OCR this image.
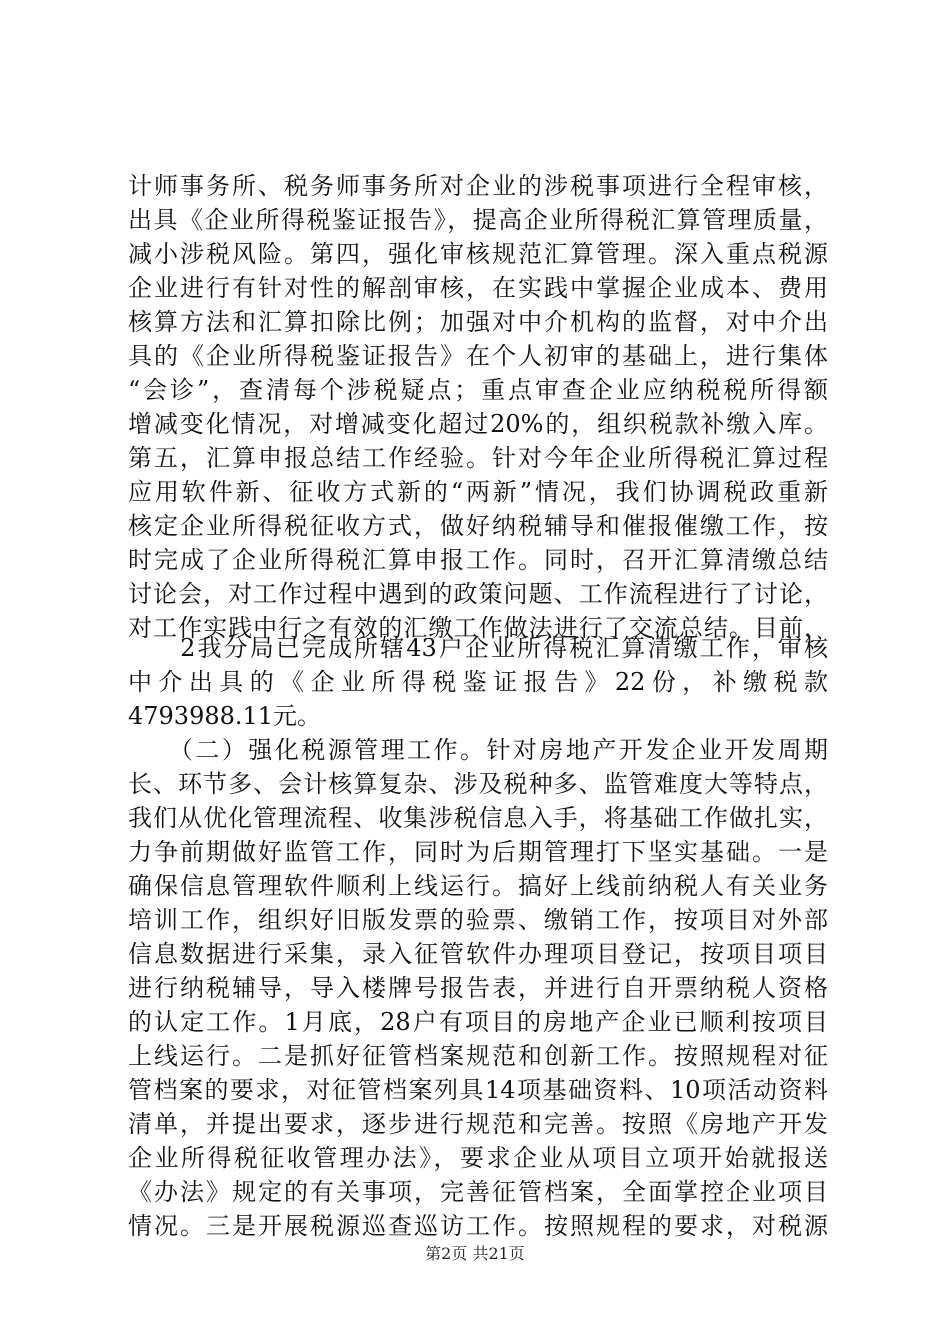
计师事务所、税务师事务所对企业的涉税事项进行全程审核，
出具《企业所得税鉴证报告》，提高企业所得税汇算管理质量，
减小涉税风险。第四，强化审核规范汇算管理。深入重点税源
企业进行有针对性的解剖审核，在实践中掌握企业成本、费用
核算方法和汇算扣除比例；加强对中介机构的监督，对中介出
具的《企业所得税鉴证报告》在个人初审的基础上，进行集体
“会诊”，查清每个涉税疑点；重点审查企业应纳税税所得额
增减变化情况，对增减变化超过20%的，组织税款补缴入库。
第五，汇算申报总结工作经验。针对今年企业所得税汇算过程
应用软件新、征收方式新的“两新”情况，我们协调税政重新
核定企业所得税征收方式，做好纳税辅导和催报催缴工作，按
时完成了企业所得税汇算申报工作。同时，召开汇算清缴总结
讨论会，对工作过程中遇到的政策问题、工作流程进行了讨论，
对工作实践中行之有效的汇缴工作做法进行了交流总结。目前，
　　2我分局已完成所辖43户企业所得税汇算清缴工作，审核
中介出具的《企业所得税鉴证报告》22份，补缴税款
4793988.11元。
　　（二）强化税源管理工作。针对房地产开发企业开发周期
长、环节多、会计核算复杂、涉及税种多、监管难度大等特点，
我们从优化管理流程、收集涉税信息入手，将基础工作做扎实，
力争前期做好监管工作，同时为后期管理打下坚实基础。一是
确保信息管理软件顺利上线运行。搞好上线前纳税人有关业务
培训工作，组织好旧版发票的验票、缴销工作，按项目对外部
信息数据进行采集，录入征管软件办理项目登记，按项目项目
进行纳税辅导，导入楼牌号报告表，并进行自开票纳税人资格
的认定工作。1月底，28户有项目的房地产企业已顺利按项目
上线运行。二是抓好征管档案规范和创新工作。按照规程对征
管档案的要求，对征管档案列具14项基础资料、10项活动资料
清单，并提出要求，逐步进行规范和完善。按照《房地产开发
企业所得税征收管理办法》，要求企业从项目立项开始就报送
《办法》规定的有关事项，完善征管档案，全面掌控企业项目
情况。三是开展税源巡查巡访工作。按照规程的要求，对税源
第2页 共21页
